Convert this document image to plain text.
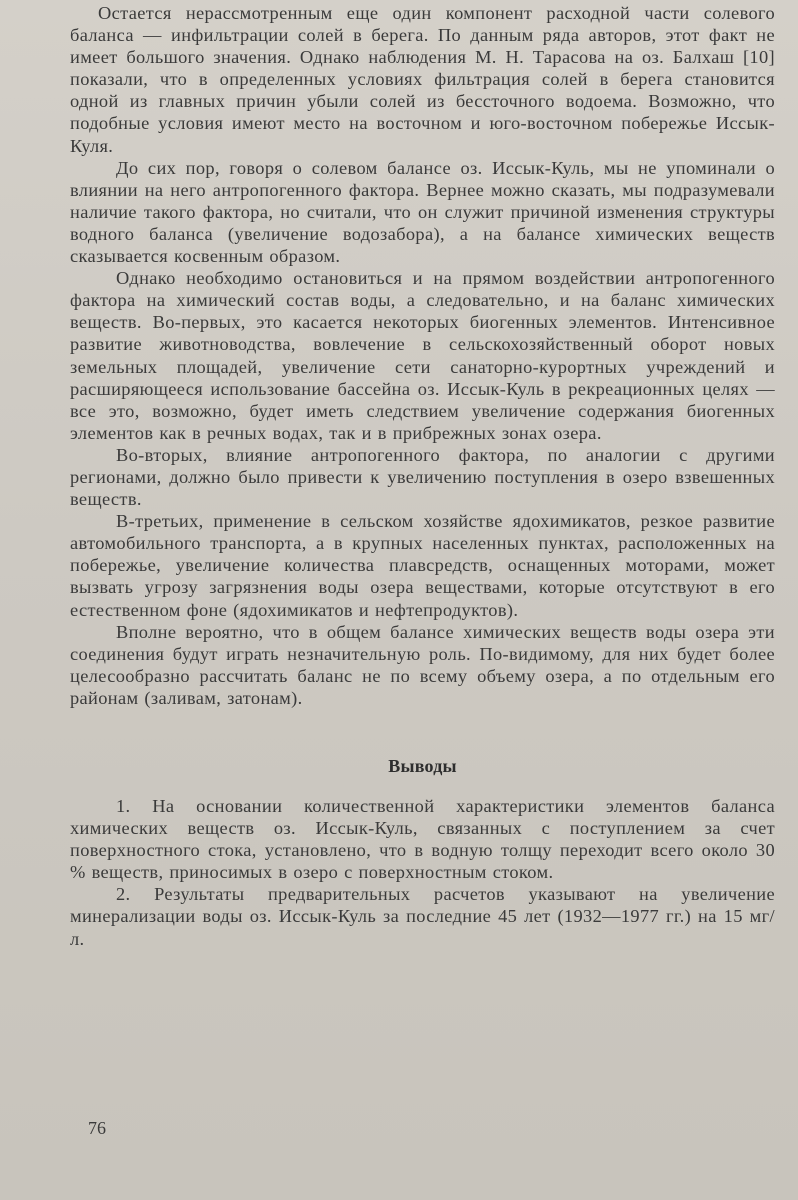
Остается нерассмотренным еще один компонент расходной части солевого баланса — инфильтрации солей в берега. По данным ряда авторов, этот факт не имеет большого значения. Однако наблюдения М. Н. Тарасова на оз. Балхаш [10] показали, что в определенных условиях фильтрация солей в берега становится одной из главных причин убыли солей из бессточного водоема. Возможно, что подобные условия имеют место на восточном и юго-восточном побережье Иссык-Куля.

До сих пор, говоря о солевом балансе оз. Иссык-Куль, мы не упоминали о влиянии на него антропогенного фактора. Вернее можно сказать, мы подразумевали наличие такого фактора, но считали, что он служит причиной изменения структуры водного баланса (увеличение водозабора), а на балансе химических веществ сказывается косвенным образом.

Однако необходимо остановиться и на прямом воздействии антропогенного фактора на химический состав воды, а следовательно, и на баланс химических веществ. Во-первых, это касается некоторых биогенных элементов. Интенсивное развитие животноводства, вовлечение в сельскохозяйственный оборот новых земельных площадей, увеличение сети санаторно-курортных учреждений и расширяющееся использование бассейна оз. Иссык-Куль в рекреационных целях — все это, возможно, будет иметь следствием увеличение содержания биогенных элементов как в речных водах, так и в прибрежных зонах озера.

Во-вторых, влияние антропогенного фактора, по аналогии с другими регионами, должно было привести к увеличению поступления в озеро взвешенных веществ.

В-третьих, применение в сельском хозяйстве ядохимикатов, резкое развитие автомобильного транспорта, а в крупных населенных пунктах, расположенных на побережье, увеличение количества плавсредств, оснащенных моторами, может вызвать угрозу загрязнения воды озера веществами, которые отсутствуют в его естественном фоне (ядохимикатов и нефтепродуктов).

Вполне вероятно, что в общем балансе химических веществ воды озера эти соединения будут играть незначительную роль. По-видимому, для них будет более целесообразно рассчитать баланс не по всему объему озера, а по отдельным его районам (заливам, затонам).

Выводы

1. На основании количественной характеристики элементов баланса химических веществ оз. Иссык-Куль, связанных с поступлением за счет поверхностного стока, установлено, что в водную толщу переходит всего около 30 % веществ, приносимых в озеро с поверхностным стоком.

2. Результаты предварительных расчетов указывают на увеличение минерализации воды оз. Иссык-Куль за последние 45 лет (1932—1977 гг.) на 15 мг/л.

76
